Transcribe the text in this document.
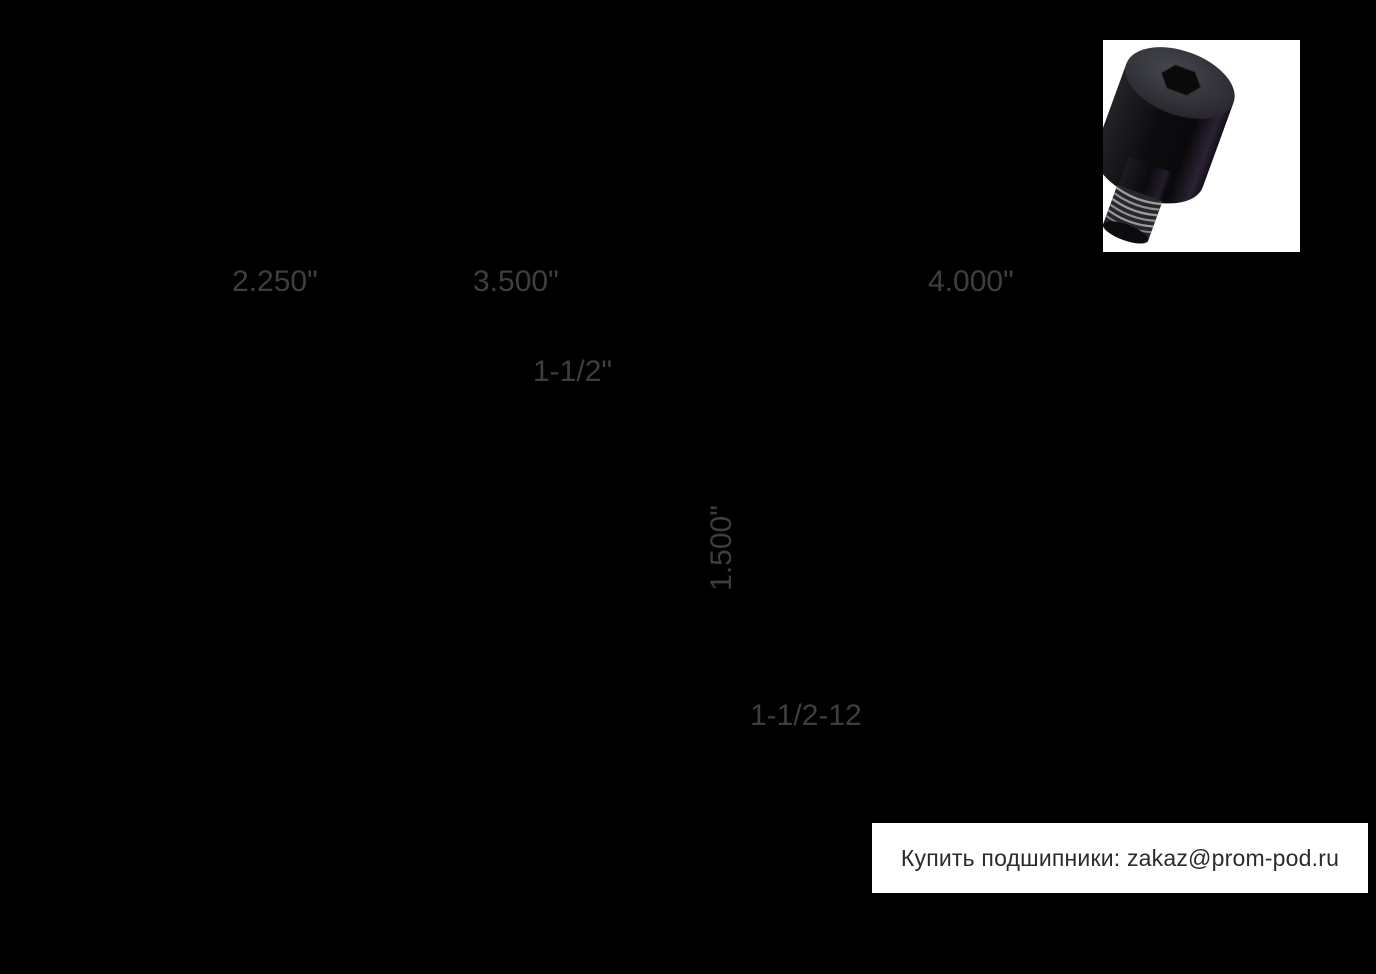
2.250"	3.500"	4.000"
1-1/2"
1.500"
1-1/2-12
Купить подшипники: zakaz@prom-pod.ru
